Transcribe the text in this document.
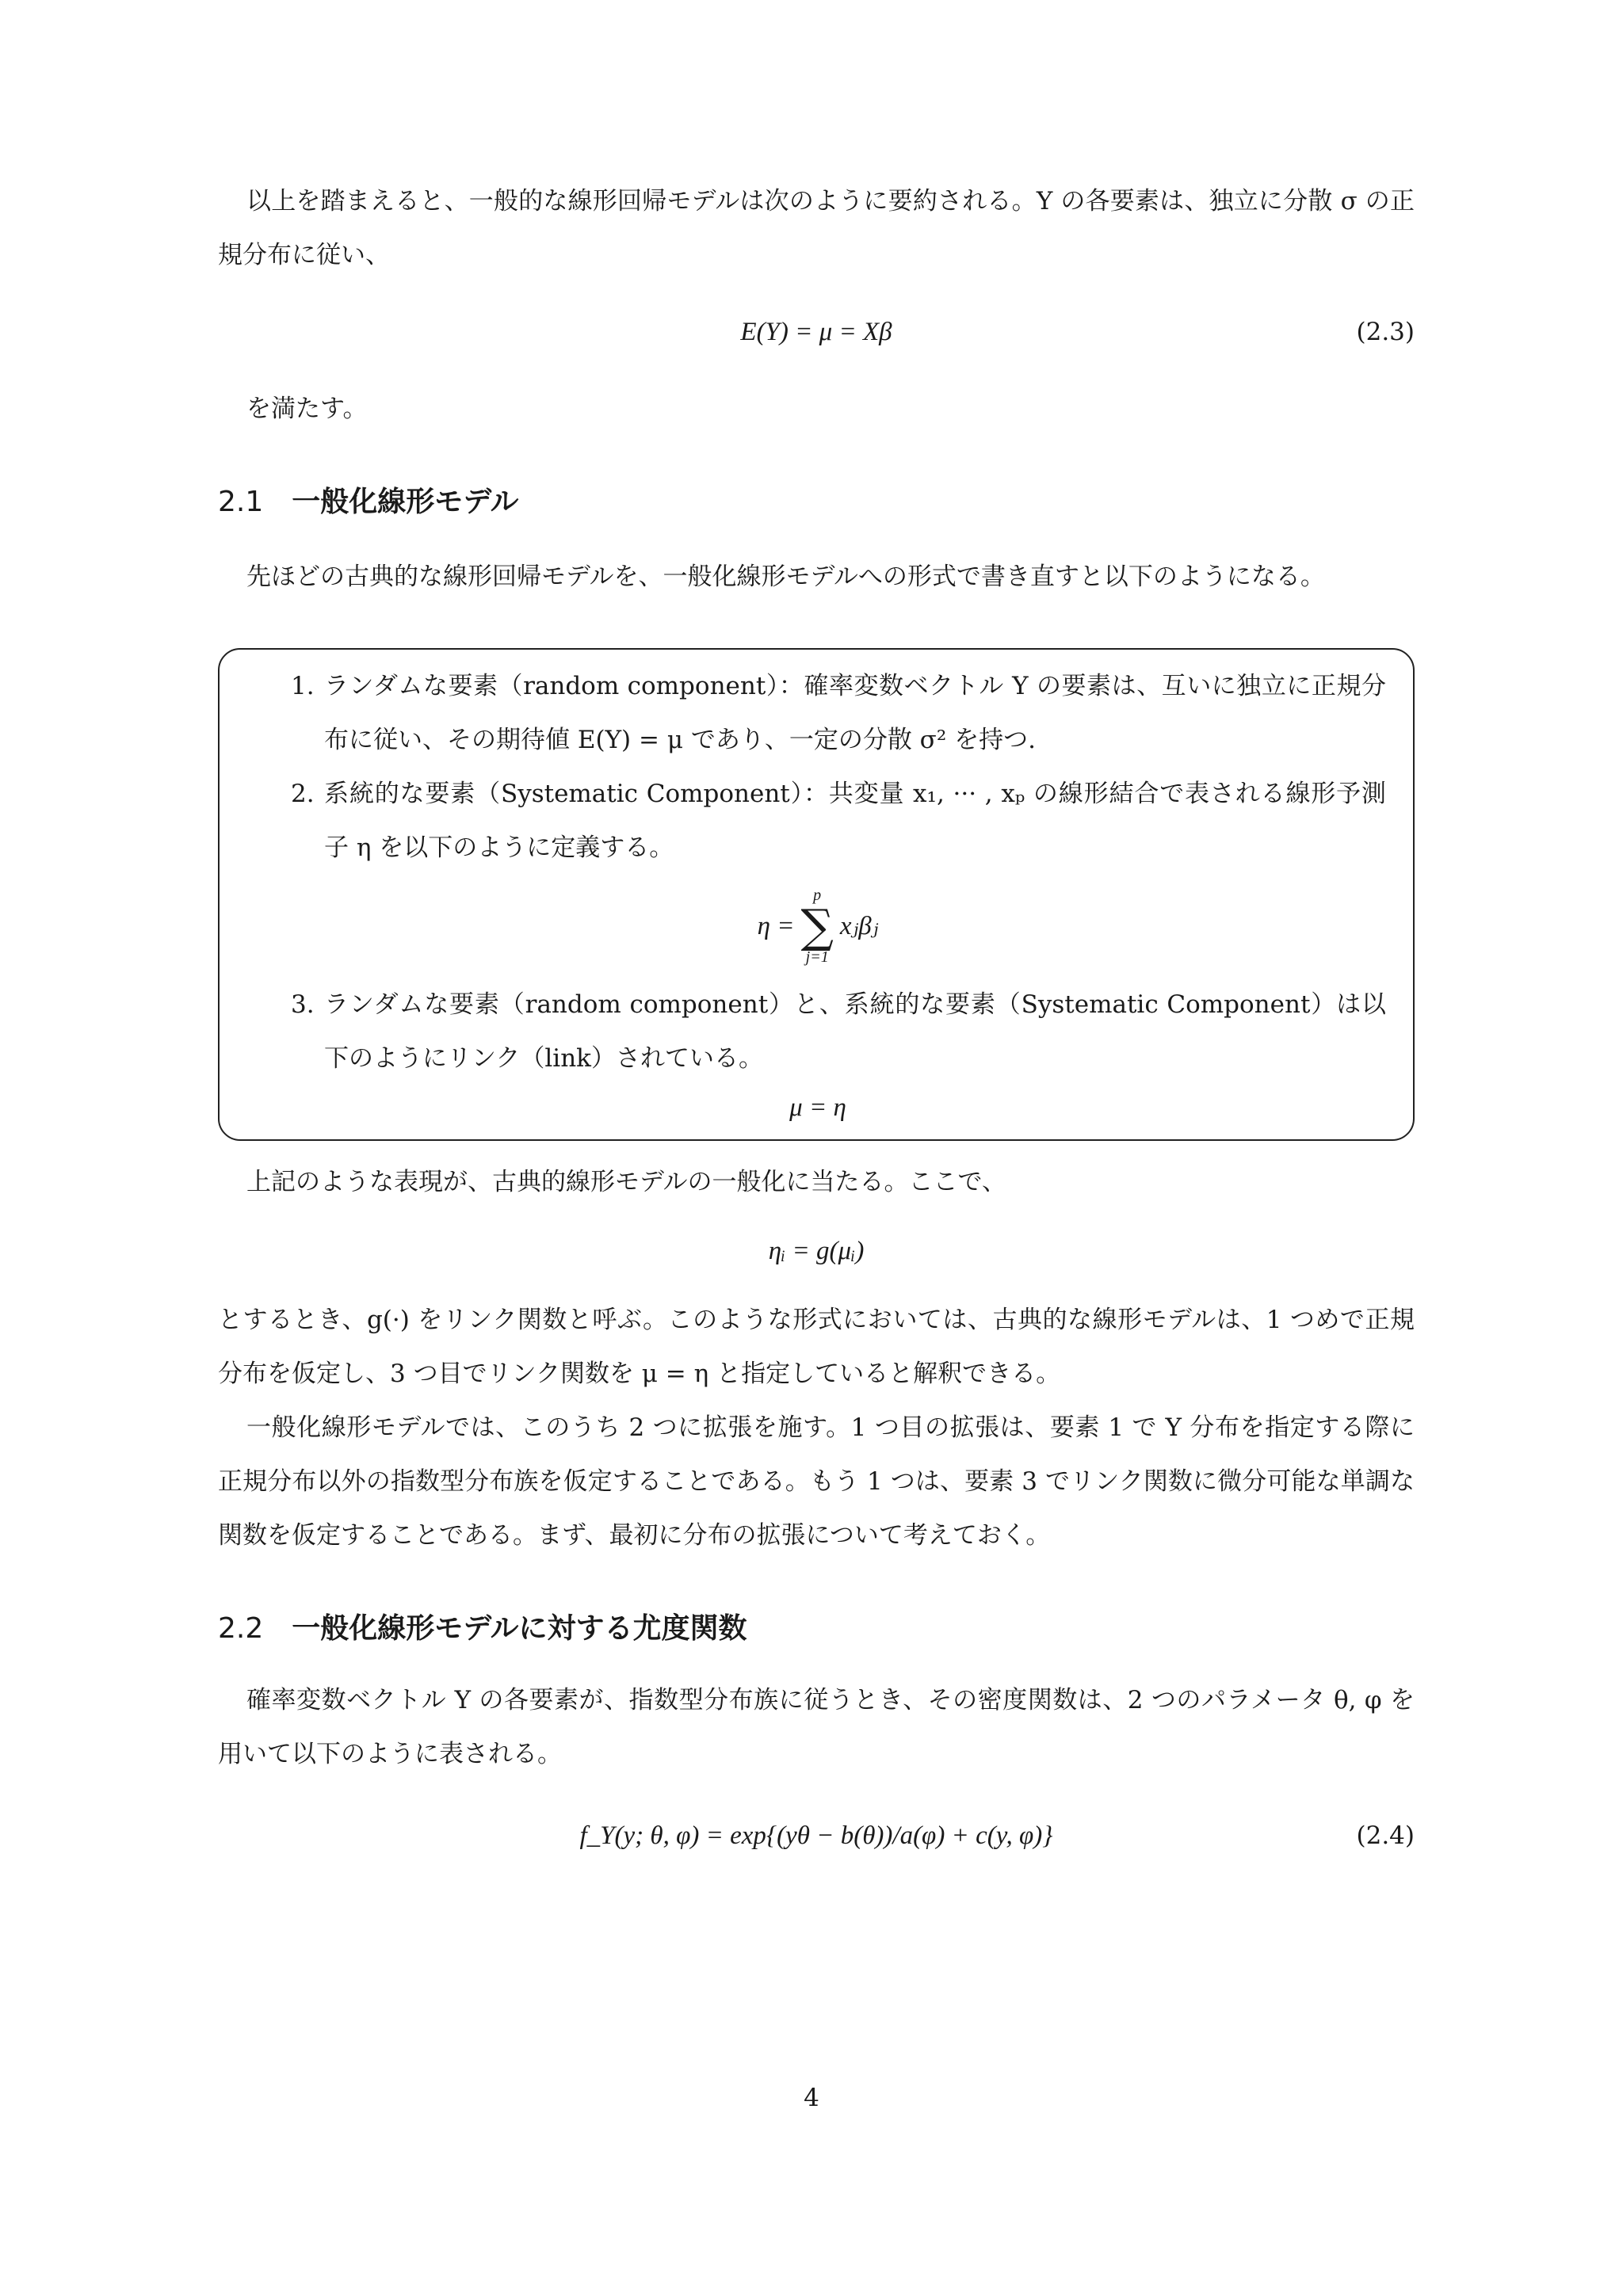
以上を踏まえると、一般的な線形回帰モデルは次のように要約される。Y の各要素は、独立に分散 σ の正規分布に従い、

E(Y) = μ = Xβ	(2.3)

を満たす。

2.1 一般化線形モデル

先ほどの古典的な線形回帰モデルを、一般化線形モデルへの形式で書き直すと以下のようになる。

1. ランダムな要素（random component）：確率変数ベクトル Y の要素は、互いに独立に正規分布に従い、その期待値 E(Y) = μ であり、一定の分散 σ² を持つ.
2. 系統的な要素（Systematic Component）：共変量 x₁, ··· , xₚ の線形結合で表される線形予測子 η を以下のように定義する。
η =
p
∑
j=1
xⱼβⱼ
3. ランダムな要素（random component）と、系統的な要素（Systematic Component）は以下のようにリンク（link）されている。
μ = η

上記のような表現が、古典的線形モデルの一般化に当たる。ここで、

ηᵢ = g(μᵢ)

とするとき、g(·) をリンク関数と呼ぶ。このような形式においては、古典的な線形モデルは、1 つめで正規分布を仮定し、3 つ目でリンク関数を μ = η と指定していると解釈できる。

一般化線形モデルでは、このうち 2 つに拡張を施す。1 つ目の拡張は、要素 1 で Y 分布を指定する際に正規分布以外の指数型分布族を仮定することである。もう 1 つは、要素 3 でリンク関数に微分可能な単調な関数を仮定することである。まず、最初に分布の拡張について考えておく。

2.2 一般化線形モデルに対する尤度関数

確率変数ベクトル Y の各要素が、指数型分布族に従うとき、その密度関数は、2 つのパラメータ θ, φ を用いて以下のように表される。

f_Y(y; θ, φ) = exp{(yθ − b(θ))/a(φ) + c(y, φ)}	(2.4)
4
